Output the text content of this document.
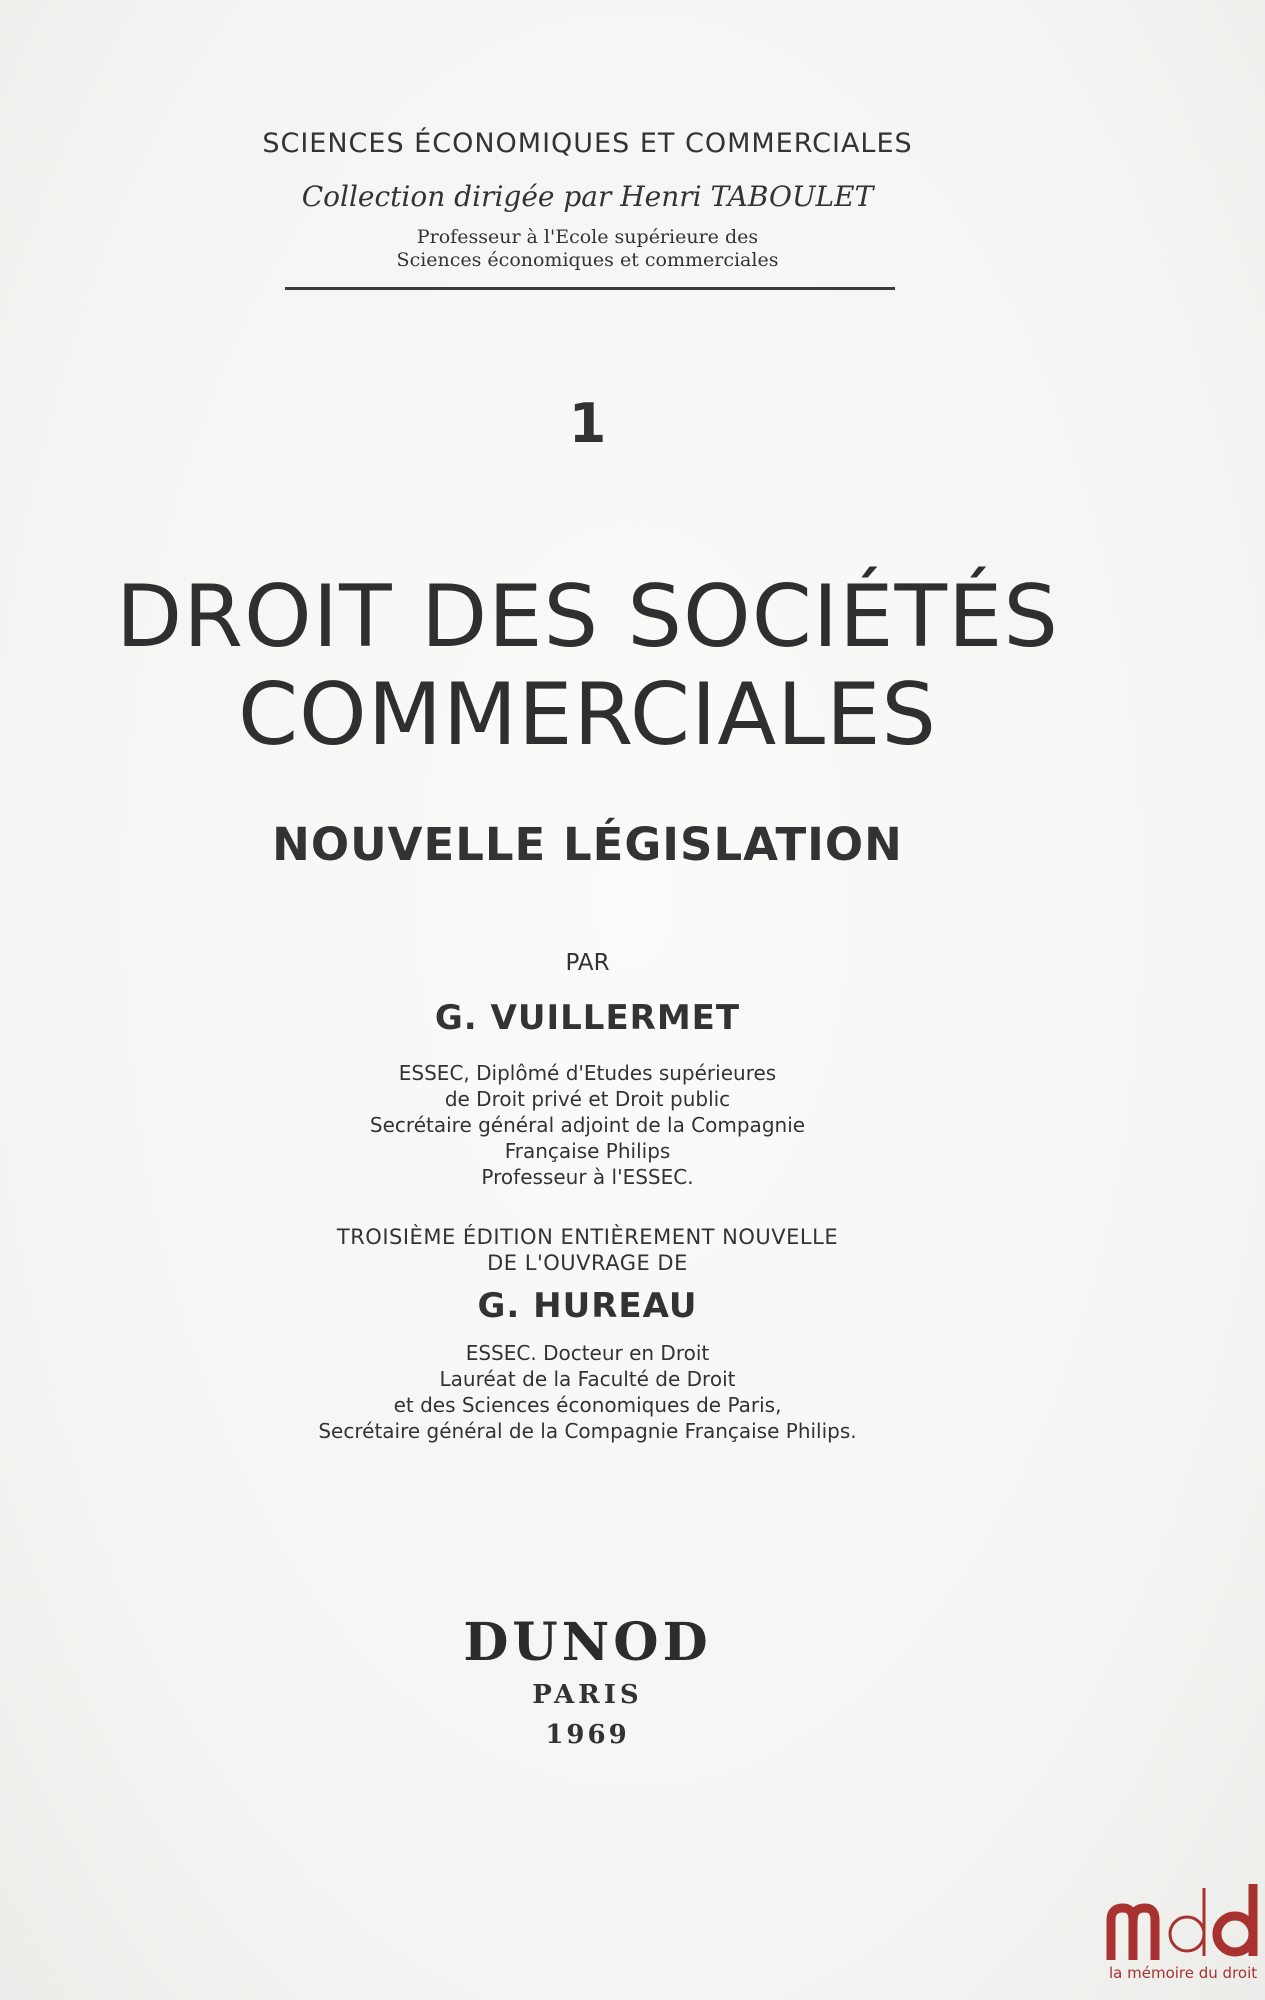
SCIENCES ÉCONOMIQUES ET COMMERCIALES
Collection dirigée par Henri TABOULET
Professeur à l'Ecole supérieure des
Sciences économiques et commerciales
1
DROIT DES SOCIÉTÉS
COMMERCIALES
NOUVELLE LÉGISLATION
PAR
G. VUILLERMET
ESSEC, Diplômé d'Etudes supérieures
de Droit privé et Droit public
Secrétaire général adjoint de la Compagnie
Française Philips
Professeur à l'ESSEC.
TROISIÈME ÉDITION ENTIÈREMENT NOUVELLE
DE L'OUVRAGE DE
G. HUREAU
ESSEC. Docteur en Droit
Lauréat de la Faculté de Droit
et des Sciences économiques de Paris,
Secrétaire général de la Compagnie Française Philips.
DUNOD
PARIS
1969
la mémoire du droit
